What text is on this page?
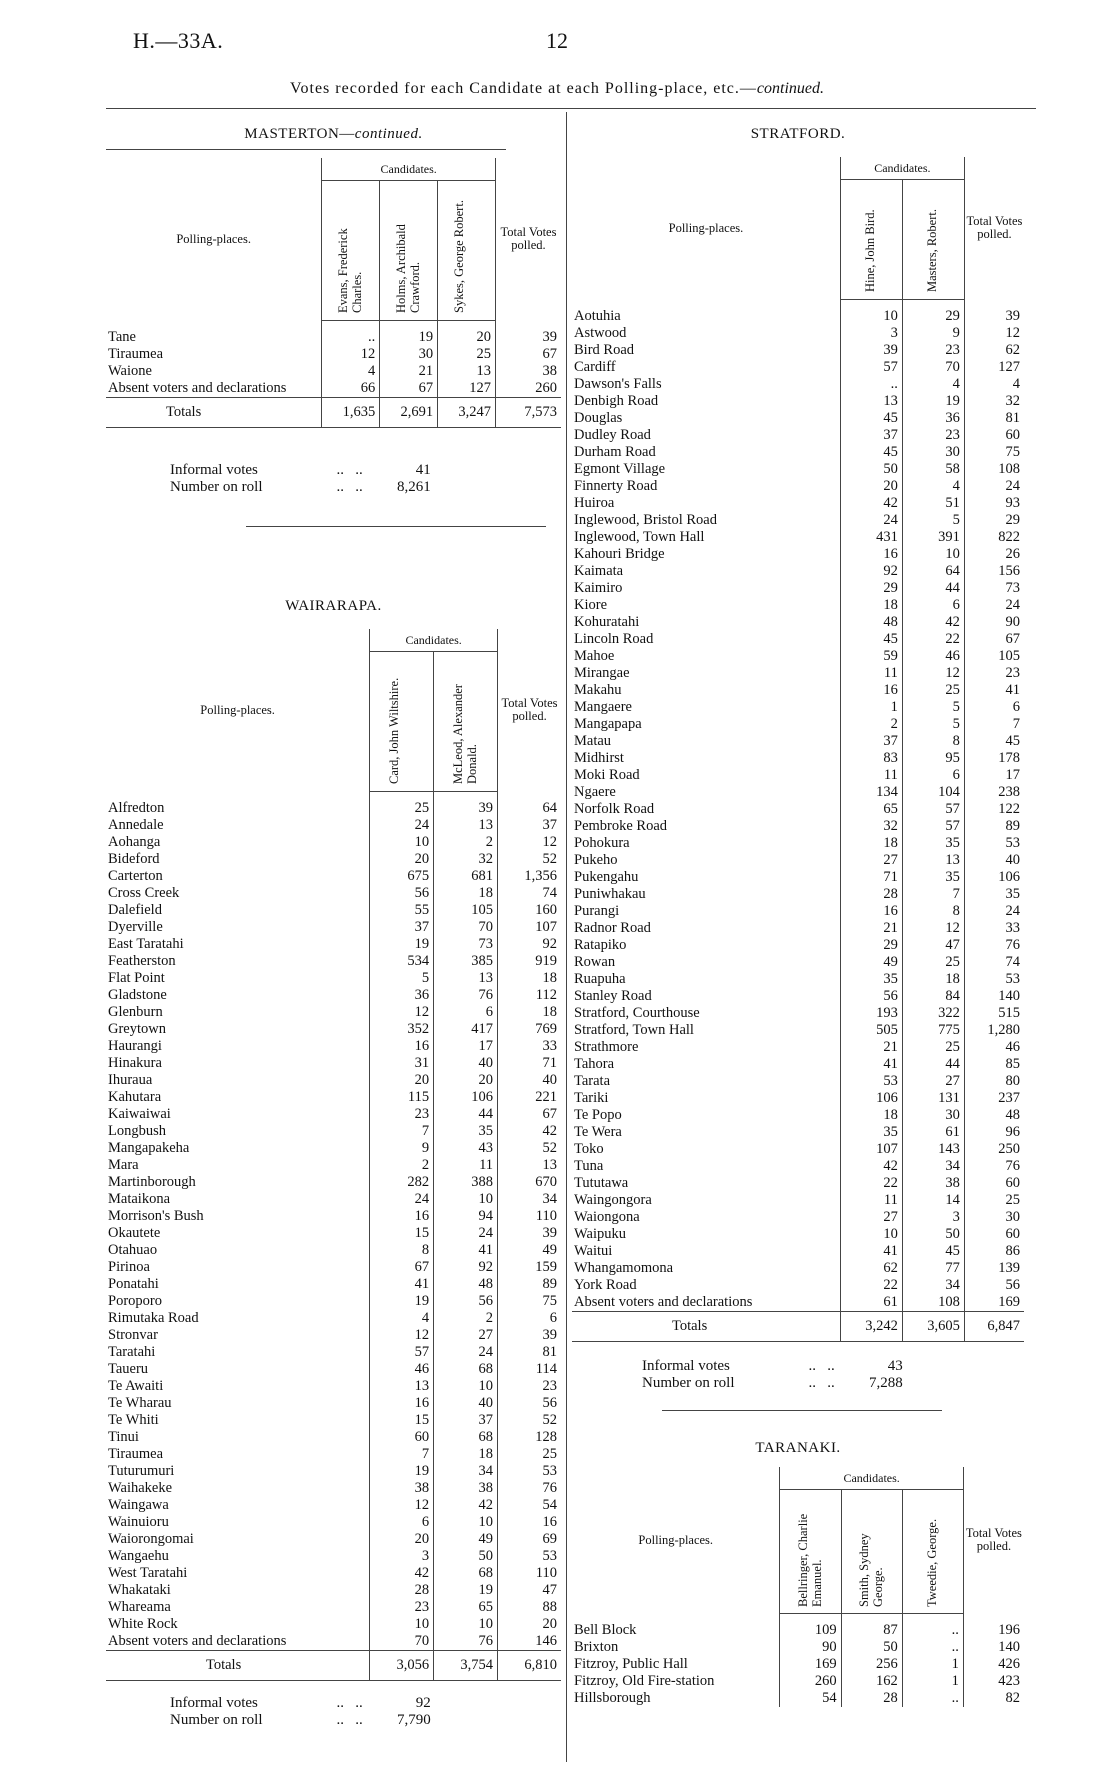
H.—33A.	12
Votes recorded for each Candidate at each Polling-place, etc.—continued.
MASTERTON—continued.
Polling-places.	Candidates.			Total Votes polled.

	Evans, Frederick Charles.	Holms, Archibald Crawford.	Sykes, George Robert.	

Tane	..	19	20	39
Tiraumea	12	30	25	67
Waione	4	21	13	38
Absent voters and declarations	66	67	127	260
Totals	1,635	2,691	3,247	7,573
Informal votes	..   ..	41
Number on roll	..   ..	8,261
WAIRARAPA.
Polling-places.	Candidates.		Total Votes polled.

	Card, John Wiltshire.	McLeod, Alexander Donald.	

Alfredton	25	39	64
Annedale	24	13	37
Aohanga	10	2	12
Bideford	20	32	52
Carterton	675	681	1,356
Cross Creek	56	18	74
Dalefield	55	105	160
Dyerville	37	70	107
East Taratahi	19	73	92
Featherston	534	385	919
Flat Point	5	13	18
Gladstone	36	76	112
Glenburn	12	6	18
Greytown	352	417	769
Haurangi	16	17	33
Hinakura	31	40	71
Ihuraua	20	20	40
Kahutara	115	106	221
Kaiwaiwai	23	44	67
Longbush	7	35	42
Mangapakeha	9	43	52
Mara	2	11	13
Martinborough	282	388	670
Mataikona	24	10	34
Morrison's Bush	16	94	110
Okautete	15	24	39
Otahuao	8	41	49
Pirinoa	67	92	159
Ponatahi	41	48	89
Poroporo	19	56	75
Rimutaka Road	4	2	6
Stronvar	12	27	39
Taratahi	57	24	81
Taueru	46	68	114
Te Awaiti	13	10	23
Te Wharau	16	40	56
Te Whiti	15	37	52
Tinui	60	68	128
Tiraumea	7	18	25
Tuturumuri	19	34	53
Waihakeke	38	38	76
Waingawa	12	42	54
Wainuioru	6	10	16
Waiorongomai	20	49	69
Wangaehu	3	50	53
West Taratahi	42	68	110
Whakataki	28	19	47
Whareama	23	65	88
White Rock	10	10	20
Absent voters and declarations	70	76	146
Totals	3,056	3,754	6,810
Informal votes	..   ..	92
Number on roll	..   ..	7,790
STRATFORD.
Polling-places.	Candidates.		Total Votes polled.

	Hine, John Bird.	Masters, Robert.	

Aotuhia	10	29	39
Astwood	3	9	12
Bird Road	39	23	62
Cardiff	57	70	127
Dawson's Falls	..	4	4
Denbigh Road	13	19	32
Douglas	45	36	81
Dudley Road	37	23	60
Durham Road	45	30	75
Egmont Village	50	58	108
Finnerty Road	20	4	24
Huiroa	42	51	93
Inglewood, Bristol Road	24	5	29
Inglewood, Town Hall	431	391	822
Kahouri Bridge	16	10	26
Kaimata	92	64	156
Kaimiro	29	44	73
Kiore	18	6	24
Kohuratahi	48	42	90
Lincoln Road	45	22	67
Mahoe	59	46	105
Mirangae	11	12	23
Makahu	16	25	41
Mangaere	1	5	6
Mangapapa	2	5	7
Matau	37	8	45
Midhirst	83	95	178
Moki Road	11	6	17
Ngaere	134	104	238
Norfolk Road	65	57	122
Pembroke Road	32	57	89
Pohokura	18	35	53
Pukeho	27	13	40
Pukengahu	71	35	106
Puniwhakau	28	7	35
Purangi	16	8	24
Radnor Road	21	12	33
Ratapiko	29	47	76
Rowan	49	25	74
Ruapuha	35	18	53
Stanley Road	56	84	140
Stratford, Courthouse	193	322	515
Stratford, Town Hall	505	775	1,280
Strathmore	21	25	46
Tahora	41	44	85
Tarata	53	27	80
Tariki	106	131	237
Te Popo	18	30	48
Te Wera	35	61	96
Toko	107	143	250
Tuna	42	34	76
Tututawa	22	38	60
Waingongora	11	14	25
Waiongona	27	3	30
Waipuku	10	50	60
Waitui	41	45	86
Whangamomona	62	77	139
York Road	22	34	56
Absent voters and declarations	61	108	169
Totals	3,242	3,605	6,847
Informal votes	..   ..	43
Number on roll	..   ..	7,288
TARANAKI.
Polling-places.	Candidates.			Total Votes polled.

	Bellringer, Charlie Emanuel.	Smith, Sydney George.	Tweedie, George.	

Bell Block	109	87	..	196
Brixton	90	50	..	140
Fitzroy, Public Hall	169	256	1	426
Fitzroy, Old Fire-station	260	162	1	423
Hillsborough	54	28	..	82
